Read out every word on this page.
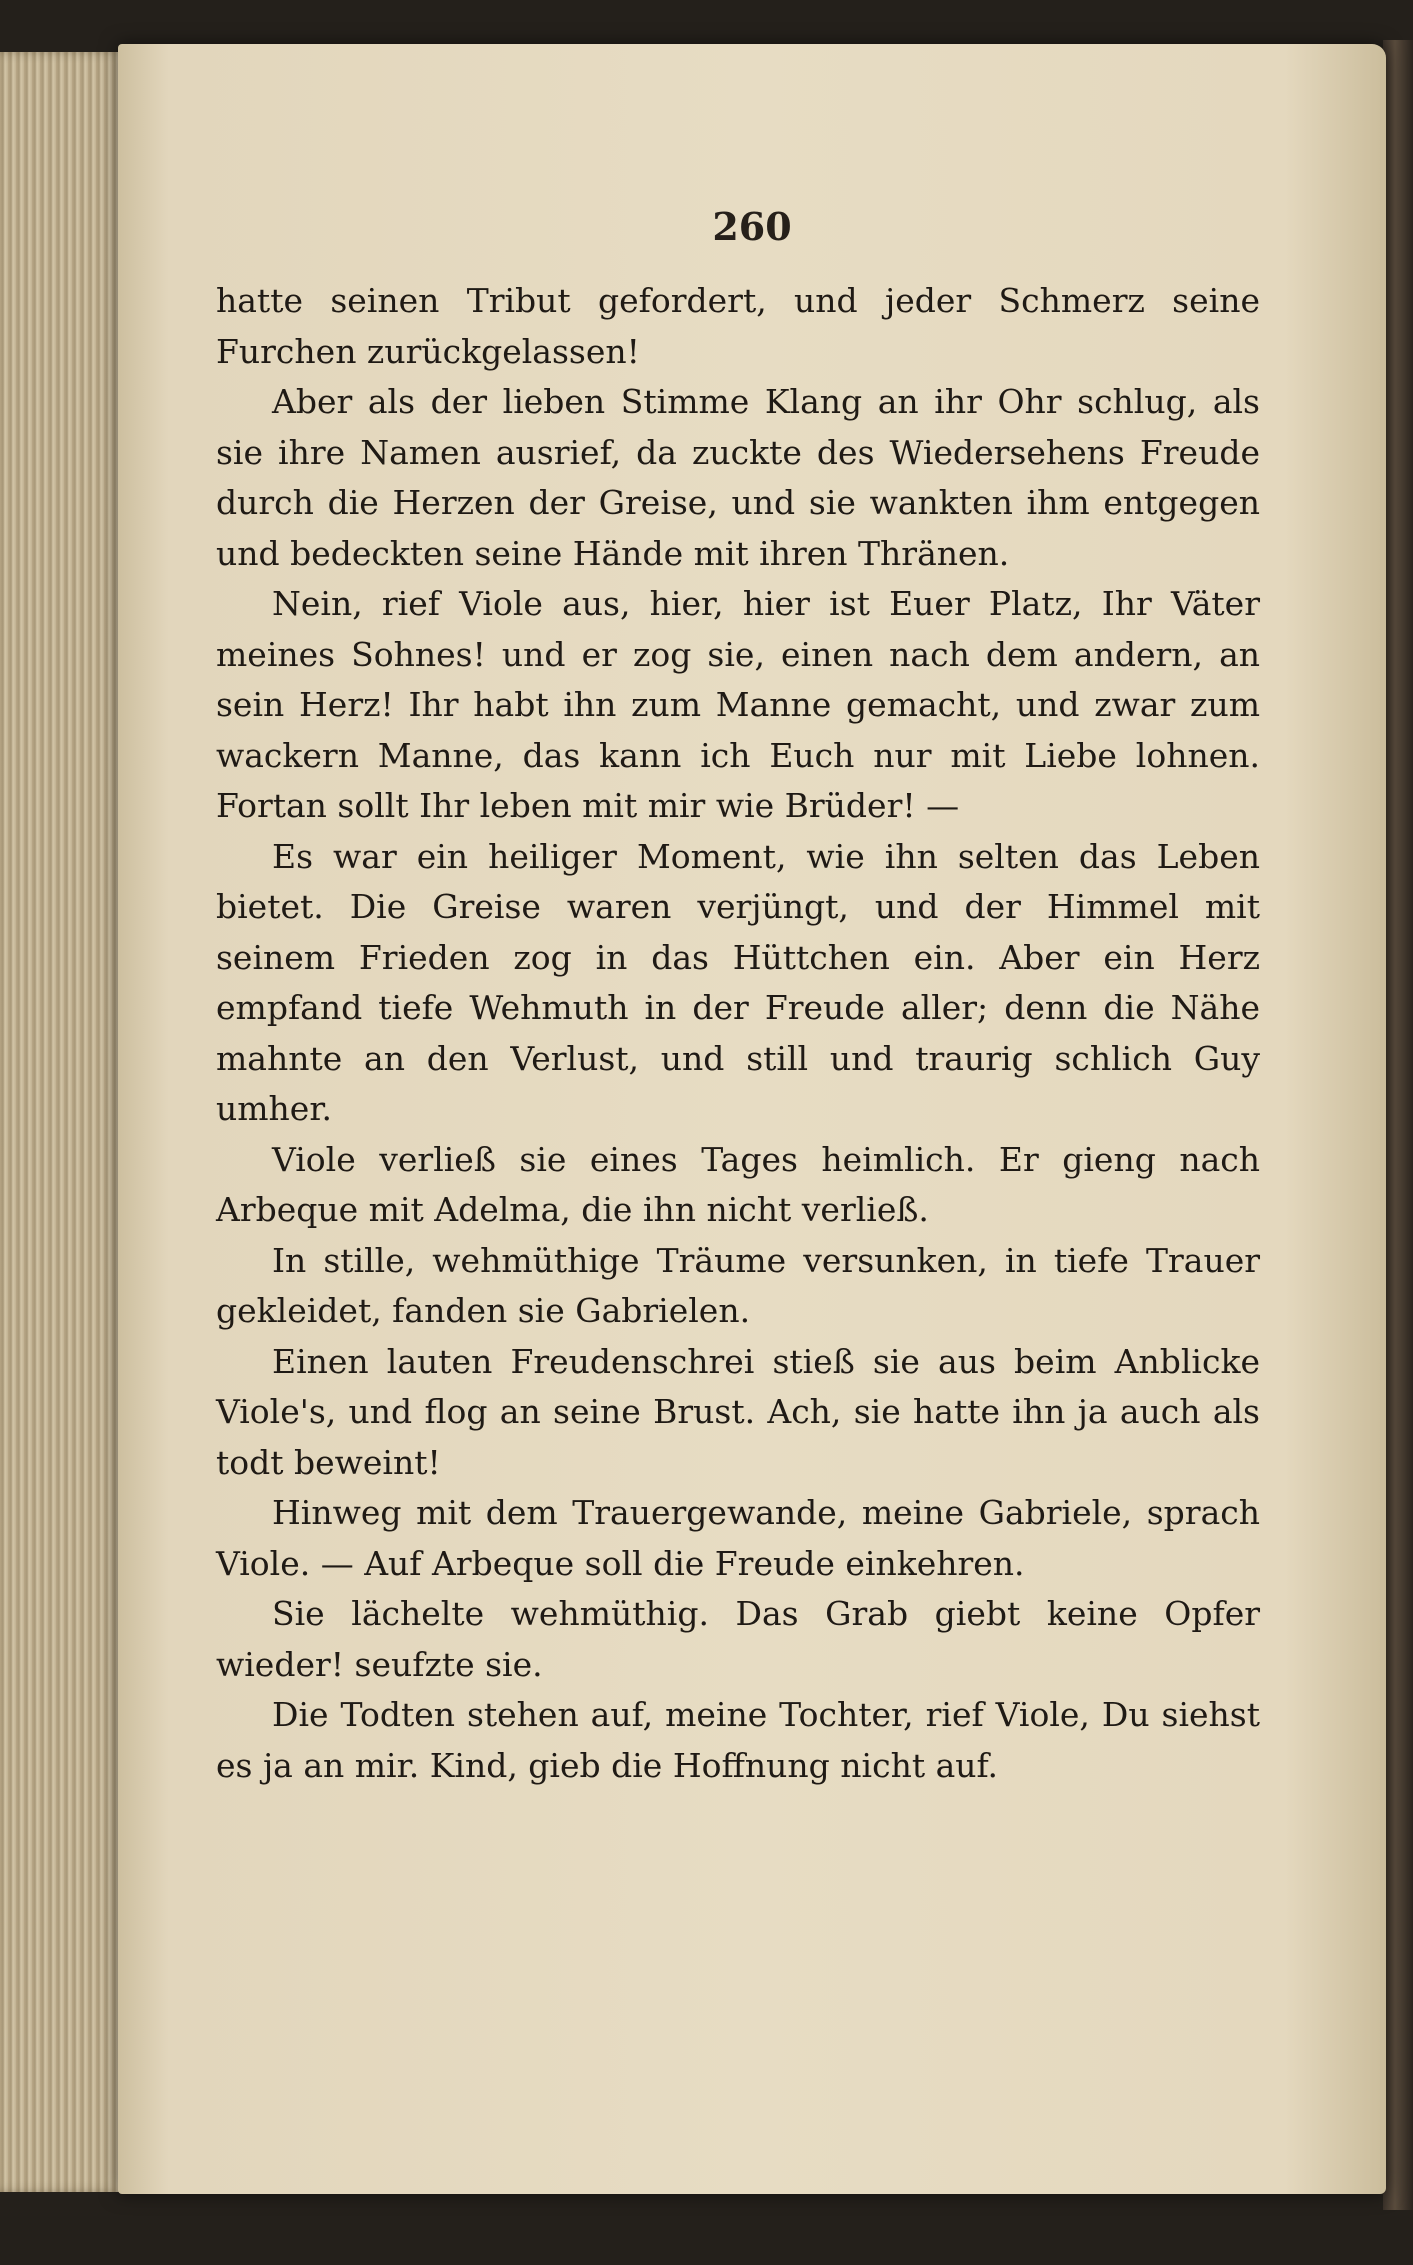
260

hatte seinen Tribut gefordert, und jeder Schmerz seine Furchen zurückgelassen!

Aber als der lieben Stimme Klang an ihr Ohr schlug, als sie ihre Namen ausrief, da zuckte des Wiedersehens Freude durch die Herzen der Greise, und sie wankten ihm entgegen und bedeckten seine Hände mit ihren Thränen.

Nein, rief Viole aus, hier, hier ist Euer Platz, Ihr Väter meines Sohnes! und er zog sie, einen nach dem andern, an sein Herz! Ihr habt ihn zum Manne gemacht, und zwar zum wackern Manne, das kann ich Euch nur mit Liebe lohnen. Fortan sollt Ihr leben mit mir wie Brüder! —

Es war ein heiliger Moment, wie ihn selten das Leben bietet. Die Greise waren verjüngt, und der Himmel mit seinem Frieden zog in das Hüttchen ein. Aber ein Herz empfand tiefe Wehmuth in der Freude aller; denn die Nähe mahnte an den Verlust, und still und traurig schlich Guy umher.

Viole verließ sie eines Tages heimlich. Er gieng nach Arbeque mit Adelma, die ihn nicht verließ.

In stille, wehmüthige Träume versunken, in tiefe Trauer gekleidet, fanden sie Gabrielen.

Einen lauten Freudenschrei stieß sie aus beim Anblicke Viole's, und flog an seine Brust. Ach, sie hatte ihn ja auch als todt beweint!

Hinweg mit dem Trauergewande, meine Gabriele, sprach Viole. — Auf Arbeque soll die Freude einkehren.

Sie lächelte wehmüthig. Das Grab giebt keine Opfer wieder! seufzte sie.

Die Todten stehen auf, meine Tochter, rief Viole, Du siehst es ja an mir. Kind, gieb die Hoffnung nicht auf.
